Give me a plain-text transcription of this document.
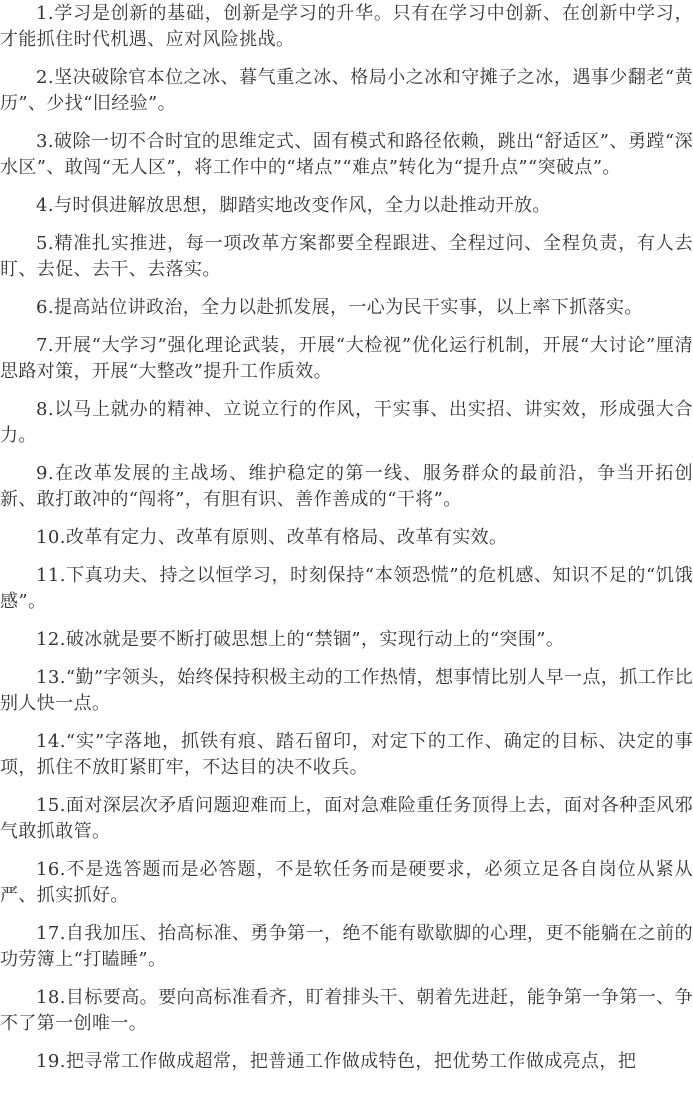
1.学习是创新的基础，创新是学习的升华。只有在学习中创新、在创新中学习，才能抓住时代机遇、应对风险挑战。

2.坚决破除官本位之冰、暮气重之冰、格局小之冰和守摊子之冰，遇事少翻老“黄历”、少找“旧经验”。

3.破除一切不合时宜的思维定式、固有模式和路径依赖，跳出“舒适区”、勇蹚“深水区”、敢闯“无人区”，将工作中的“堵点”“难点”转化为“提升点”“突破点”。

4.与时俱进解放思想，脚踏实地改变作风，全力以赴推动开放。

5.精准扎实推进，每一项改革方案都要全程跟进、全程过问、全程负责，有人去盯、去促、去干、去落实。

6.提高站位讲政治，全力以赴抓发展，一心为民干实事，以上率下抓落实。

7.开展“大学习”强化理论武装，开展“大检视”优化运行机制，开展“大讨论”厘清思路对策，开展“大整改”提升工作质效。

8.以马上就办的精神、立说立行的作风，干实事、出实招、讲实效，形成强大合力。

9.在改革发展的主战场、维护稳定的第一线、服务群众的最前沿，争当开拓创新、敢打敢冲的“闯将”，有胆有识、善作善成的“干将”。

10.改革有定力、改革有原则、改革有格局、改革有实效。

11.下真功夫、持之以恒学习，时刻保持“本领恐慌”的危机感、知识不足的“饥饿感”。

12.破冰就是要不断打破思想上的“禁锢”，实现行动上的“突围”。

13.“勤”字领头，始终保持积极主动的工作热情，想事情比别人早一点，抓工作比别人快一点。

14.“实”字落地，抓铁有痕、踏石留印，对定下的工作、确定的目标、决定的事项，抓住不放盯紧盯牢，不达目的决不收兵。

15.面对深层次矛盾问题迎难而上，面对急难险重任务顶得上去，面对各种歪风邪气敢抓敢管。

16.不是选答题而是必答题，不是软任务而是硬要求，必须立足各自岗位从紧从严、抓实抓好。

17.自我加压、抬高标准、勇争第一，绝不能有歇歇脚的心理，更不能躺在之前的功劳簿上“打瞌睡”。

18.目标要高。要向高标准看齐，盯着排头干、朝着先进赶，能争第一争第一、争不了第一创唯一。

19.把寻常工作做成超常，把普通工作做成特色，把优势工作做成亮点，把
